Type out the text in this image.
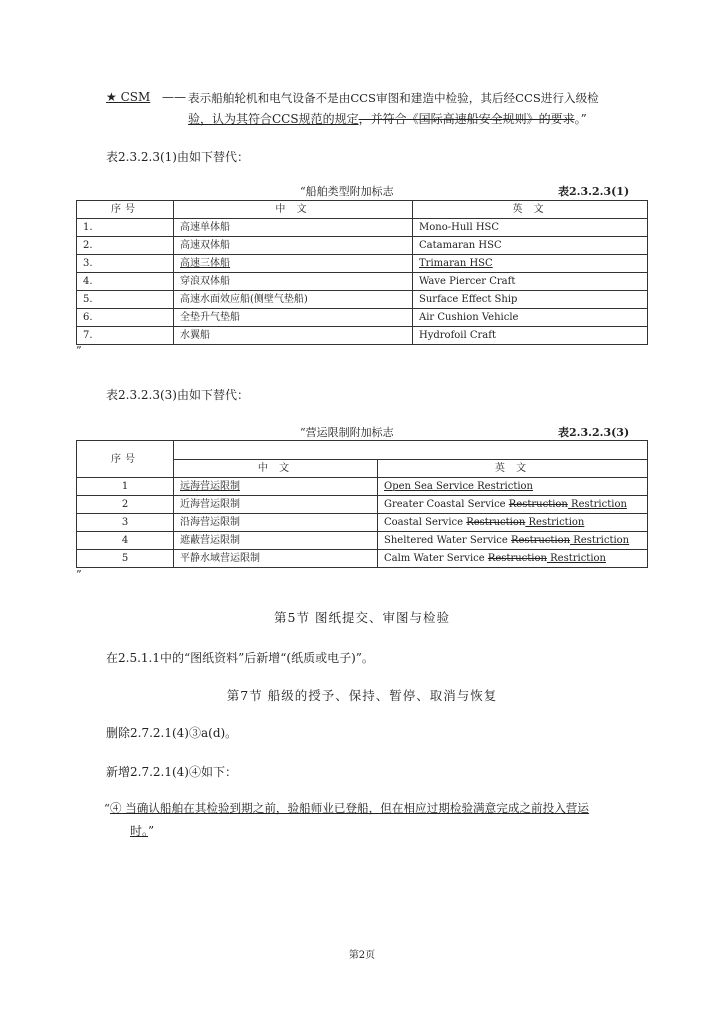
★ CSM —— 表示船舶轮机和电气设备不是由CCS审图和建造中检验，其后经CCS进行入级检
验，认为其符合CCS规范的规定，并符合《国际高速船安全规则》的要求。”
表2.3.2.3(1)由如下替代：
“船舶类型附加标志	表2.3.2.3(1)
序号	中 文	英 文
1.	高速单体船	Mono-Hull HSC
2.	高速双体船	Catamaran HSC
3.	高速三体船	Trimaran HSC
4.	穿浪双体船	Wave Piercer Craft
5.	高速水面效应船(侧壁气垫船)	Surface Effect Ship
6.	全垫升气垫船	Air Cushion Vehicle
7.	水翼船	Hydrofoil Craft
”
表2.3.2.3(3)由如下替代：
“营运限制附加标志	表2.3.2.3(3)
序号		
	中 文	英 文
1	远海营运限制	Open Sea Service Restriction
2	近海营运限制	Greater Coastal Service Restruction Restriction
3	沿海营运限制	Coastal Service Restruction Restriction
4	遮蔽营运限制	Sheltered Water Service Restruction Restriction
5	平静水域营运限制	Calm Water Service Restruction Restriction
”
第5节 图纸提交、审图与检验
在2.5.1.1中的“图纸资料”后新增“(纸质或电子)”。
第7节 船级的授予、保持、暂停、取消与恢复
删除2.7.2.1(4)③a(d)。
新增2.7.2.1(4)④如下：
“④ 当确认船舶在其检验到期之前，验船师业已登船，但在相应过期检验满意完成之前投入营运
时。”
第2页
